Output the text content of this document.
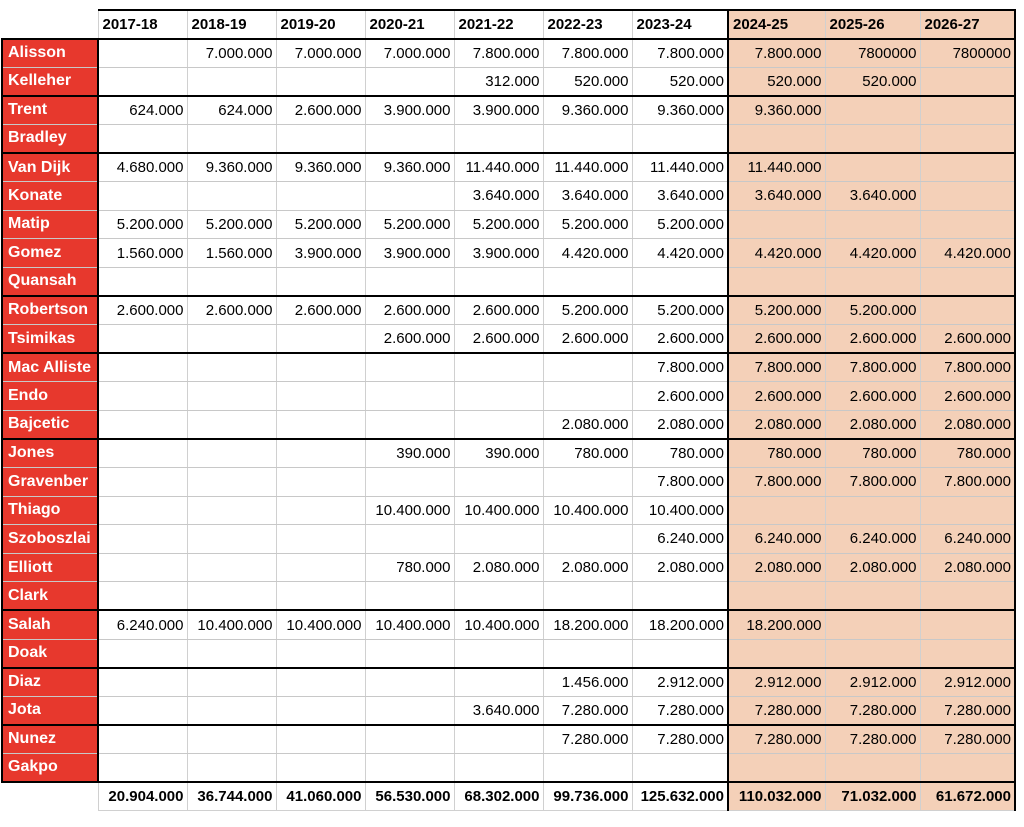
	2017-18	2018-19	2019-20	2020-21	2021-22	2022-23	2023-24	2024-25	2025-26	2026-27
Alisson		7.000.000	7.000.000	7.000.000	7.800.000	7.800.000	7.800.000	7.800.000	7800000	7800000
Kelleher					312.000	520.000	520.000	520.000	520.000	
Trent	624.000	624.000	2.600.000	3.900.000	3.900.000	9.360.000	9.360.000	9.360.000		
Bradley										
Van Dijk	4.680.000	9.360.000	9.360.000	9.360.000	11.440.000	11.440.000	11.440.000	11.440.000		
Konate					3.640.000	3.640.000	3.640.000	3.640.000	3.640.000	
Matip	5.200.000	5.200.000	5.200.000	5.200.000	5.200.000	5.200.000	5.200.000			
Gomez	1.560.000	1.560.000	3.900.000	3.900.000	3.900.000	4.420.000	4.420.000	4.420.000	4.420.000	4.420.000
Quansah										
Robertson	2.600.000	2.600.000	2.600.000	2.600.000	2.600.000	5.200.000	5.200.000	5.200.000	5.200.000	
Tsimikas				2.600.000	2.600.000	2.600.000	2.600.000	2.600.000	2.600.000	2.600.000
Mac Alliste							7.800.000	7.800.000	7.800.000	7.800.000
Endo							2.600.000	2.600.000	2.600.000	2.600.000
Bajcetic						2.080.000	2.080.000	2.080.000	2.080.000	2.080.000
Jones				390.000	390.000	780.000	780.000	780.000	780.000	780.000
Gravenber							7.800.000	7.800.000	7.800.000	7.800.000
Thiago				10.400.000	10.400.000	10.400.000	10.400.000			
Szoboszlai							6.240.000	6.240.000	6.240.000	6.240.000
Elliott				780.000	2.080.000	2.080.000	2.080.000	2.080.000	2.080.000	2.080.000
Clark										
Salah	6.240.000	10.400.000	10.400.000	10.400.000	10.400.000	18.200.000	18.200.000	18.200.000		
Doak										
Diaz						1.456.000	2.912.000	2.912.000	2.912.000	2.912.000
Jota					3.640.000	7.280.000	7.280.000	7.280.000	7.280.000	7.280.000
Nunez						7.280.000	7.280.000	7.280.000	7.280.000	7.280.000
Gakpo										
	20.904.000	36.744.000	41.060.000	56.530.000	68.302.000	99.736.000	125.632.000	110.032.000	71.032.000	61.672.000
